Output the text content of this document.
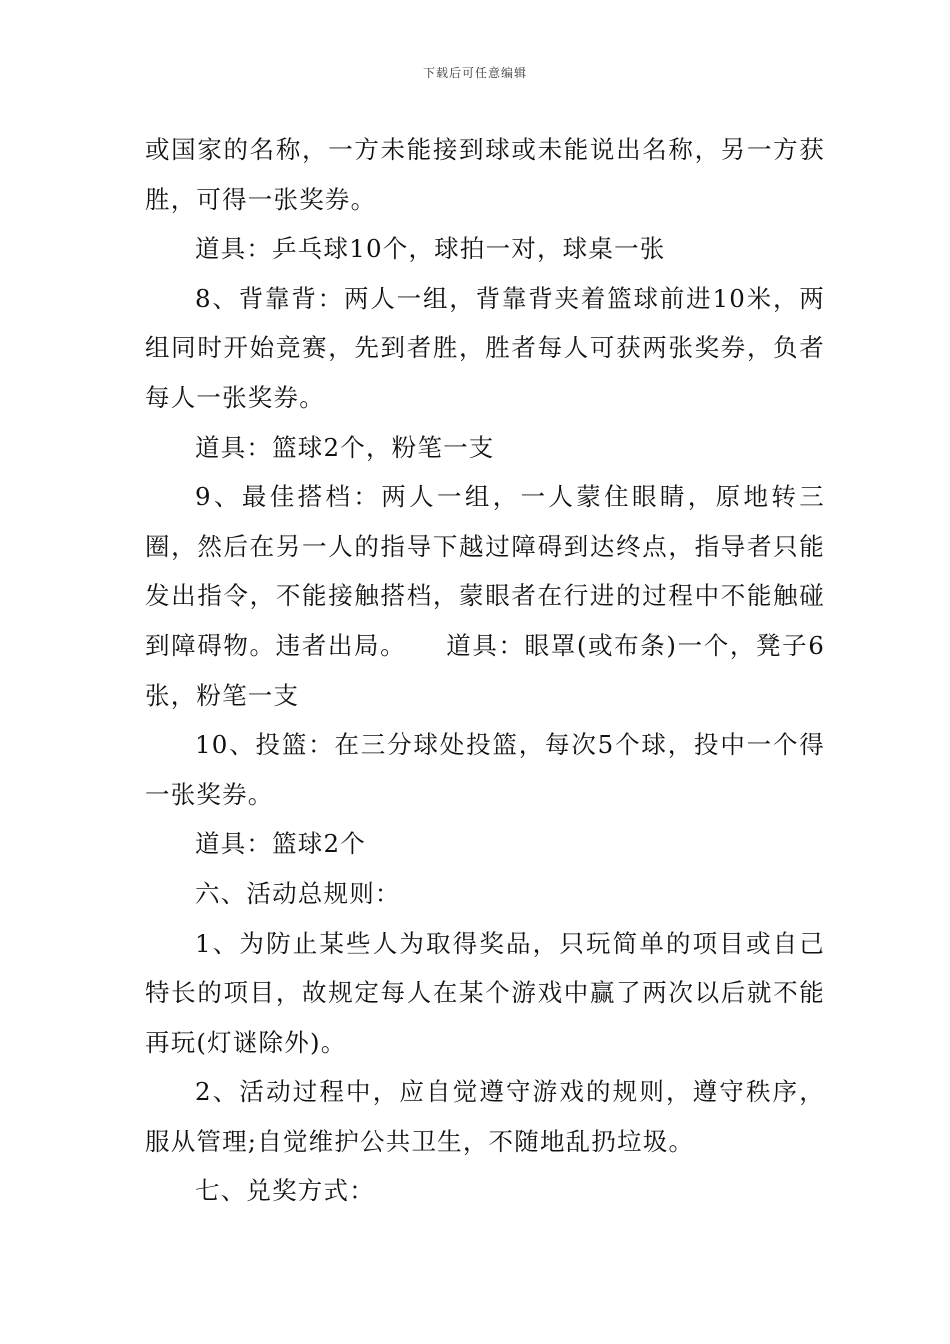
下载后可任意编辑

或国家的名称，一方未能接到球或未能说出名称，另一方获胜，可得一张奖券。

道具：乒乓球10个，球拍一对，球桌一张

8、背靠背：两人一组，背靠背夹着篮球前进10米，两组同时开始竞赛，先到者胜，胜者每人可获两张奖券，负者每人一张奖券。

道具：篮球2个，粉笔一支

9、最佳搭档：两人一组，一人蒙住眼睛，原地转三圈，然后在另一人的指导下越过障碍到达终点，指导者只能发出指令，不能接触搭档，蒙眼者在行进的过程中不能触碰到障碍物。违者出局。　　道具：眼罩(或布条)一个，凳子6张，粉笔一支

10、投篮：在三分球处投篮，每次5个球，投中一个得一张奖券。

道具：篮球2个

六、活动总规则：

1、为防止某些人为取得奖品，只玩简单的项目或自己特长的项目，故规定每人在某个游戏中赢了两次以后就不能再玩(灯谜除外)。

2、活动过程中，应自觉遵守游戏的规则，遵守秩序，服从管理;自觉维护公共卫生，不随地乱扔垃圾。

七、兑奖方式：
